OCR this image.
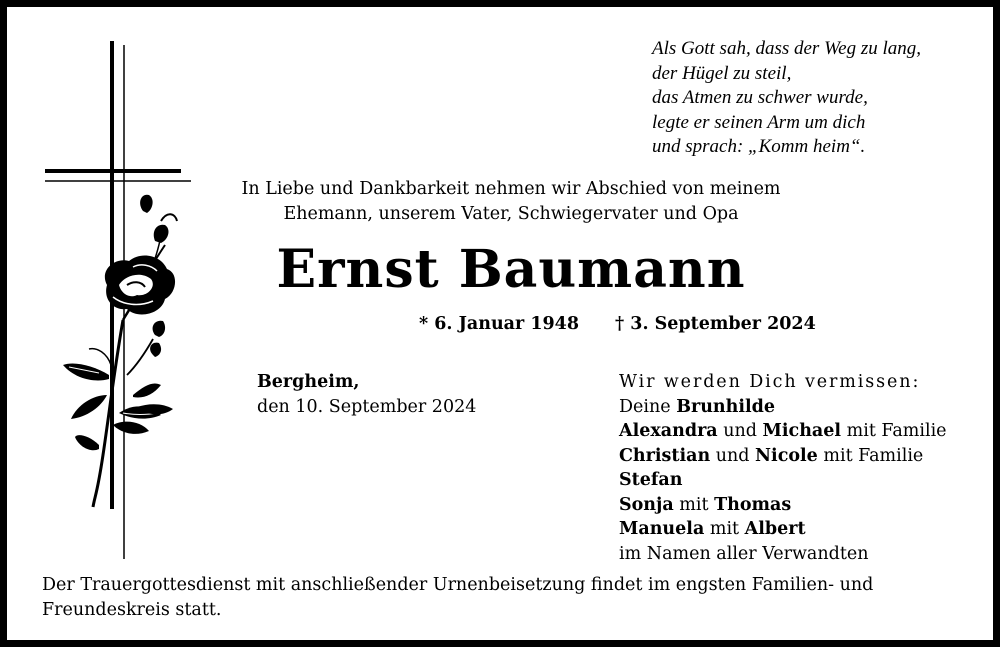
Als Gott sah, dass der Weg zu lang,
der Hügel zu steil,
das Atmen zu schwer wurde,
legte er seinen Arm um dich
und sprach: „Komm heim“.
In Liebe und Dankbarkeit nehmen wir Abschied von meinem
Ehemann, unserem Vater, Schwiegervater und Opa
Ernst Baumann
* 6. Januar 1948 † 3. September 2024
Bergheim,
den 10. September 2024
Wir werden Dich vermissen:
Deine Brunhilde
Alexandra und Michael mit Familie
Christian und Nicole mit Familie
Stefan
Sonja mit Thomas
Manuela mit Albert
im Namen aller Verwandten
Der Trauergottesdienst mit anschließender Urnenbeisetzung findet im engsten Familien- und
Freundeskreis statt.
